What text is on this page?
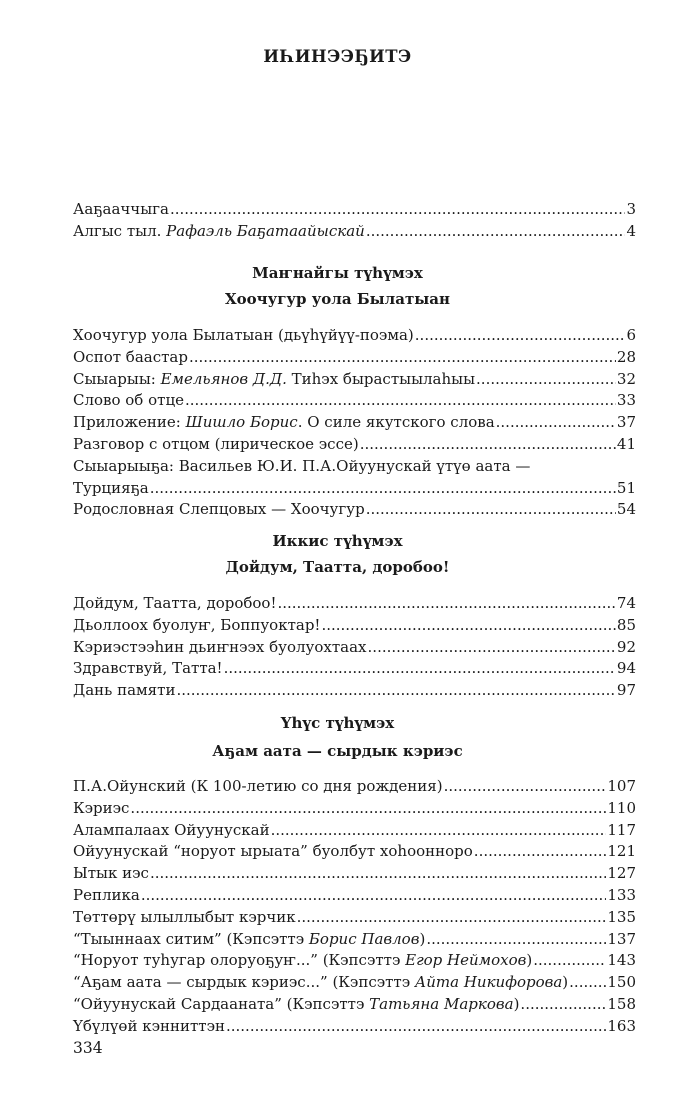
ИҺИНЭЭҔИТЭ
Ааҕааччыга .....	3
Алгыс тыл. Рафаэль Баҕатаайыскай .....	4
Маҥнайгы түһүмэх
Хоочугур уола Былатыан
Хоочугур уола Былатыан (дьүһүйүү-поэма) .....	6
Оспот баастар .....	28
Сыыарыы: Емельянов Д.Д. Тиһэх бырастыылаһыы .....	32
Слово об отце .....	33
Приложение: Шишло Борис. О силе якутского слова .....	37
Разговор с отцом (лирическое эссе) .....	41
Сыыарыыҕа: Васильев Ю.И. П.А.Ойуунускай үтүө аата —
Турцияҕа .....	51
Родословная Слепцовых — Хоочугур .....	54
Иккис түһүмэх
Дойдум, Таатта, доробоо!
Дойдум, Таатта, доробоо! .....	74
Дьоллоох буолуҥ, Боппуоктар! .....	85
Кэриэстээһин дьиҥнээх буолуохтаах .....	92
Здравствуй, Татта! .....	94
Дань памяти .....	97
Үһүс түһүмэх
Аҕам аата — сырдык кэриэс
П.А.Ойунский (К 100-летию со дня рождения) .....	107
Кэриэс .....	110
Алампалаах Ойуунускай .....	117
Ойуунускай “норуот ырыата” буолбут хоһоонноро .....	121
Ытык иэс .....	127
Реплика .....	133
Төттөрү ылыллыбыт кэрчик .....	135
“Тыыннаах ситим” (Кэпсэттэ Борис Павлов) .....	137
“Норуот туһугар олоруоҕуҥ...” (Кэпсэттэ Егор Неймохов) .....	143
“Аҕам аата — сырдык кэриэс...” (Кэпсэттэ Айта Никифорова) .....	150
“Ойуунускай Сардааната” (Кэпсэттэ Татьяна Маркова) .....	158
Үбүлүөй кэнниттэн .....	163
334
